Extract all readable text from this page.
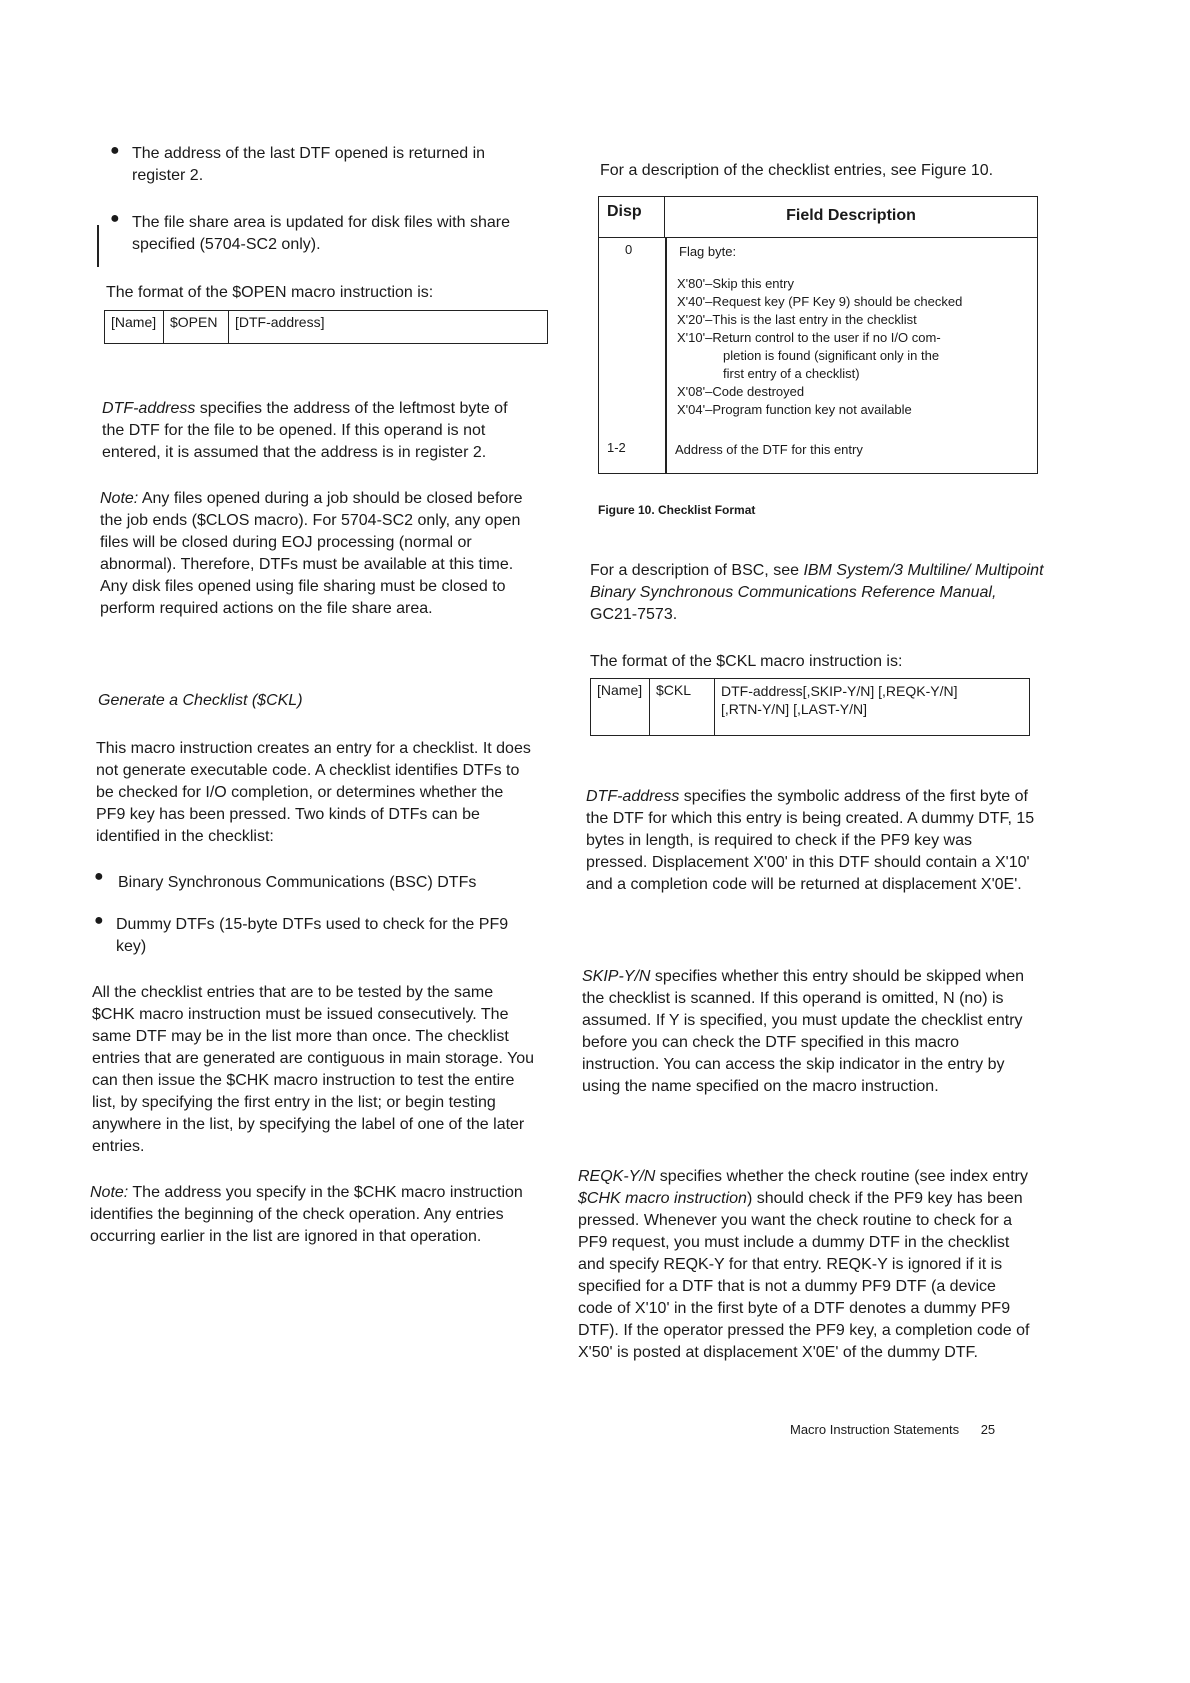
● The address of the last DTF opened is returned in register 2.

● The file share area is updated for disk files with share specified (5704-SC2 only).

The format of the $OPEN macro instruction is:

[Name] $OPEN	[DTF-address]

DTF-address specifies the address of the leftmost byte of the DTF for the file to be opened. If this operand is not entered, it is assumed that the address is in register 2.

Note: Any files opened during a job should be closed before the job ends ($CLOS macro). For 5704-SC2 only, any open files will be closed during EOJ processing (normal or abnormal). Therefore, DTFs must be available at this time. Any disk files opened using file sharing must be closed to perform required actions on the file share area.

Generate a Checklist ($CKL)

This macro instruction creates an entry for a checklist. It does not generate executable code. A checklist identifies DTFs to be checked for I/O completion, or determines whether the PF9 key has been pressed. Two kinds of DTFs can be identified in the checklist:

● Binary Synchronous Communications (BSC) DTFs

● Dummy DTFs (15-byte DTFs used to check for the PF9 key)

All the checklist entries that are to be tested by the same $CHK macro instruction must be issued consecutively. The same DTF may be in the list more than once. The checklist entries that are generated are contiguous in main storage. You can then issue the $CHK macro instruction to test the entire list, by specifying the first entry in the list; or begin testing anywhere in the list, by specifying the label of one of the later entries.

Note: The address you specify in the $CHK macro instruction identifies the beginning of the check operation. Any entries occurring earlier in the list are ignored in that operation.

For a description of the checklist entries, see Figure 10.

Disp	Field Description
0	Flag byte:
X'80'–Skip this entry
X'40'–Request key (PF Key 9) should be checked
X'20'–This is the last entry in the checklist
X'10'–Return control to the user if no I/O com-
pletion is found (significant only in the
first entry of a checklist)
X'08'–Code destroyed
X'04'–Program function key not available
1-2	Address of the DTF for this entry

Figure 10. Checklist Format

For a description of BSC, see IBM System/3 Multiline/ Multipoint Binary Synchronous Communications Reference Manual, GC21-7573.

The format of the $CKL macro instruction is:

[Name] $CKL	DTF-address[,SKIP-Y/N] [,REQK-Y/N]
[,RTN-Y/N] [,LAST-Y/N]

DTF-address specifies the symbolic address of the first byte of the DTF for which this entry is being created. A dummy DTF, 15 bytes in length, is required to check if the PF9 key was pressed. Displacement X'00' in this DTF should contain a X'10' and a completion code will be returned at displacement X'0E'.

SKIP-Y/N specifies whether this entry should be skipped when the checklist is scanned. If this operand is omitted, N (no) is assumed. If Y is specified, you must update the checklist entry before you can check the DTF specified in this macro instruction. You can access the skip indicator in the entry by using the name specified on the macro instruction.

REQK-Y/N specifies whether the check routine (see index entry $CHK macro instruction) should check if the PF9 key has been pressed. Whenever you want the check routine to check for a PF9 request, you must include a dummy DTF in the checklist and specify REQK-Y for that entry. REQK-Y is ignored if it is specified for a DTF that is not a dummy PF9 DTF (a device code of X'10' in the first byte of a DTF denotes a dummy PF9 DTF). If the operator pressed the PF9 key, a completion code of X'50' is posted at displacement X'0E' of the dummy DTF.

Macro Instruction Statements 25
